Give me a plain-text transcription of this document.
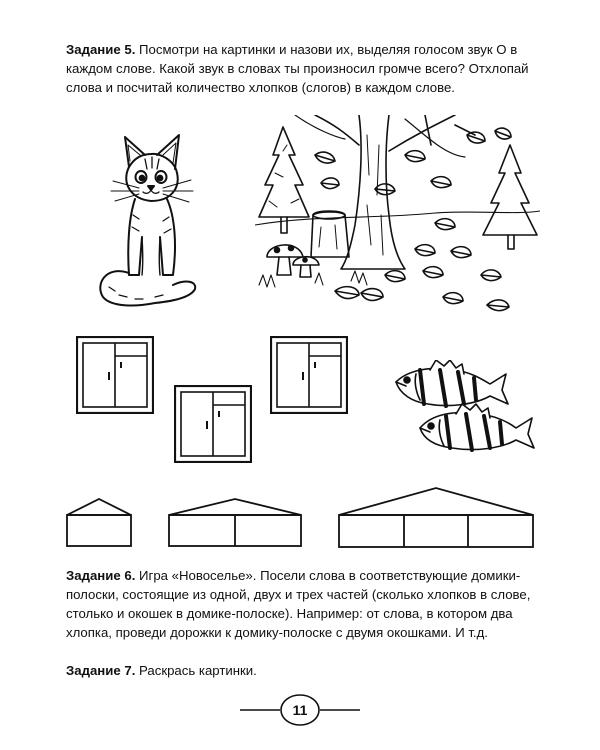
Задание 5. Посмотри на картинки и назови их, выделяя голосом звук О в каждом слове. Какой звук в словах ты произносил громче всего? Отхлопай слова и посчитай количество хлопков (слогов) в каждом слове.
Задание 6. Игра «Новоселье». Посели слова в соответствующие домики-полоски, состоящие из одной, двух и трех частей (сколько хлопков в слове, столько и окошек в домике-полоске). Например: от слова, в котором два хлопка, проведи дорожки к домику-полоске с двумя окошками. И т.д.
Задание 7. Раскрась картинки.
11
